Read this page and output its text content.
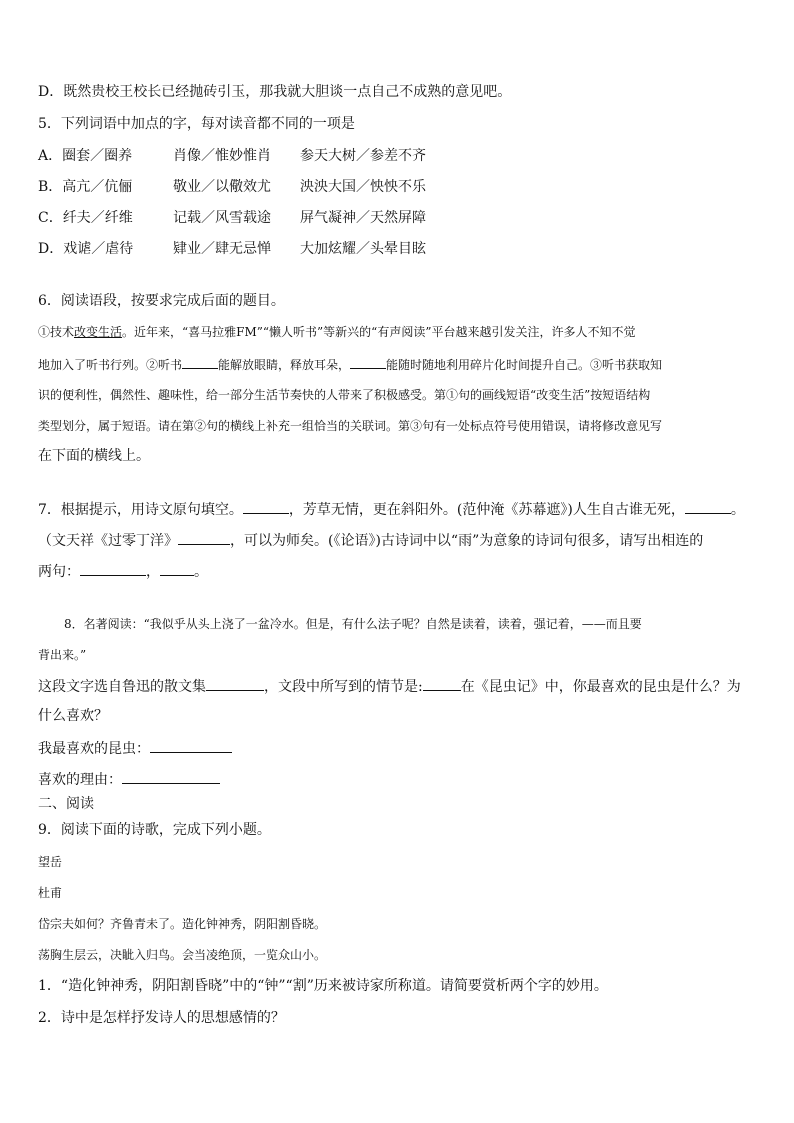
D．既然贵校王校长已经抛砖引玉，那我就大胆谈一点自己不成熟的意见吧。
5．下列词语中加点的字，每对读音都不同的一项是
A．圈套／圈养	肖像／惟妙惟肖 参天大树／参差不齐
B．高亢／伉俪	敬业／以儆效尤 泱泱大国／怏怏不乐
C．纤夫／纤维	记载／风雪载途 屏气凝神／天然屏障
D．戏谑／虐待	肄业／肆无忌惮 大加炫耀／头晕目眩
6．阅读语段，按要求完成后面的题目。
①技术改变生活。近年来，“喜马拉雅FM”“懒人听书”等新兴的“有声阅读”平台越来越引发关注，许多人不知不觉
地加入了听书行列。②听书	能解放眼睛，释放耳朵，	能随时随地利用碎片化时间提升自己。③听书获取知
识的便利性，偶然性、趣味性，给一部分生活节奏快的人带来了积极感受。第①句的画线短语“改变生活”按短语结构
类型划分，属于短语。请在第②句的横线上补充一组恰当的关联词。第③句有一处标点符号使用错误，请将修改意见写
在下面的横线上。
7．根据提示，用诗文原句填空。	，芳草无情，更在斜阳外。(范仲淹《苏幕遮》)人生自古谁无死，	。
（文天祥《过零丁洋》	，可以为师矣。(《论语》)古诗词中以“雨”为意象的诗词句很多，请写出相连的
两句：	， 。
8．名著阅读：“我似乎从头上浇了一盆冷水。但是，有什么法子呢？自然是读着，读着，强记着，——而且要
背出来。”
这段文字选自鲁迅的散文集	，文段中所写到的情节是:	在《昆虫记》中，你最喜欢的昆虫是什么？为
什么喜欢？
我最喜欢的昆虫：
喜欢的理由：
二、阅读
9．阅读下面的诗歌，完成下列小题。
望岳
杜甫
岱宗夫如何？齐鲁青未了。造化钟神秀，阴阳割昏晓。
荡胸生层云，决眦入归鸟。会当凌绝顶，一览众山小。
1．“造化钟神秀，阴阳割昏晓”中的“钟”“割”历来被诗家所称道。请简要赏析两个字的妙用。
2．诗中是怎样抒发诗人的思想感情的？
